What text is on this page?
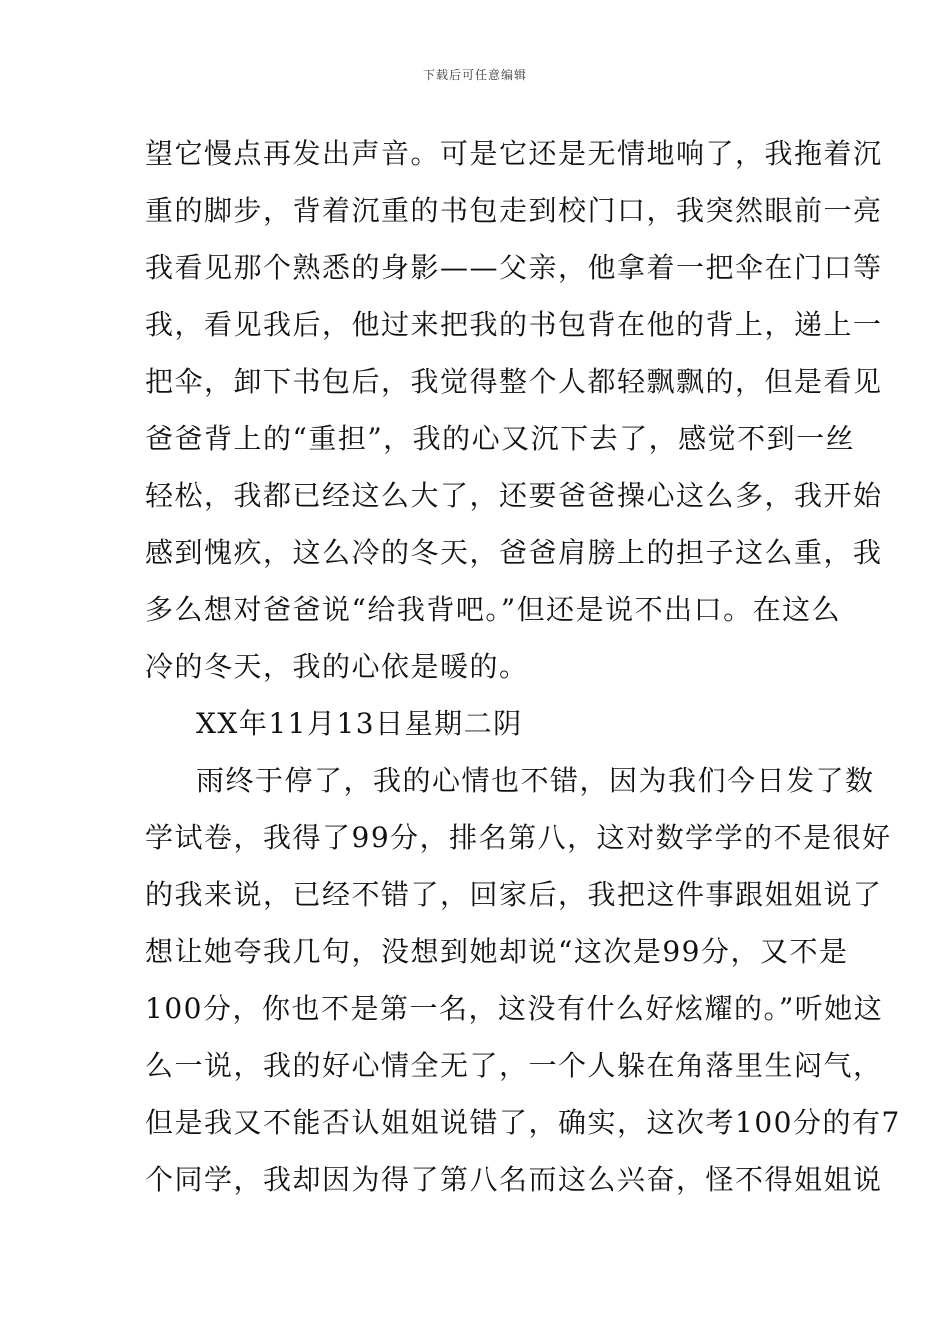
下载后可任意编辑
望它慢点再发出声音。可是它还是无情地响了，我拖着沉
重的脚步，背着沉重的书包走到校门口，我突然眼前一亮
我看见那个熟悉的身影——父亲，他拿着一把伞在门口等
我，看见我后，他过来把我的书包背在他的背上，递上一
把伞，卸下书包后，我觉得整个人都轻飘飘的，但是看见
爸爸背上的“重担”，我的心又沉下去了，感觉不到一丝
轻松，我都已经这么大了，还要爸爸操心这么多，我开始
感到愧疚，这么冷的冬天，爸爸肩膀上的担子这么重，我
多么想对爸爸说“给我背吧。”但还是说不出口。在这么
冷的冬天，我的心依是暖的。
XX年11月13日星期二阴
雨终于停了，我的心情也不错，因为我们今日发了数
学试卷，我得了99分，排名第八，这对数学学的不是很好
的我来说，已经不错了，回家后，我把这件事跟姐姐说了
想让她夸我几句，没想到她却说“这次是99分，又不是
100分，你也不是第一名，这没有什么好炫耀的。”听她这
么一说，我的好心情全无了，一个人躲在角落里生闷气，
但是我又不能否认姐姐说错了，确实，这次考100分的有7
个同学，我却因为得了第八名而这么兴奋，怪不得姐姐说
